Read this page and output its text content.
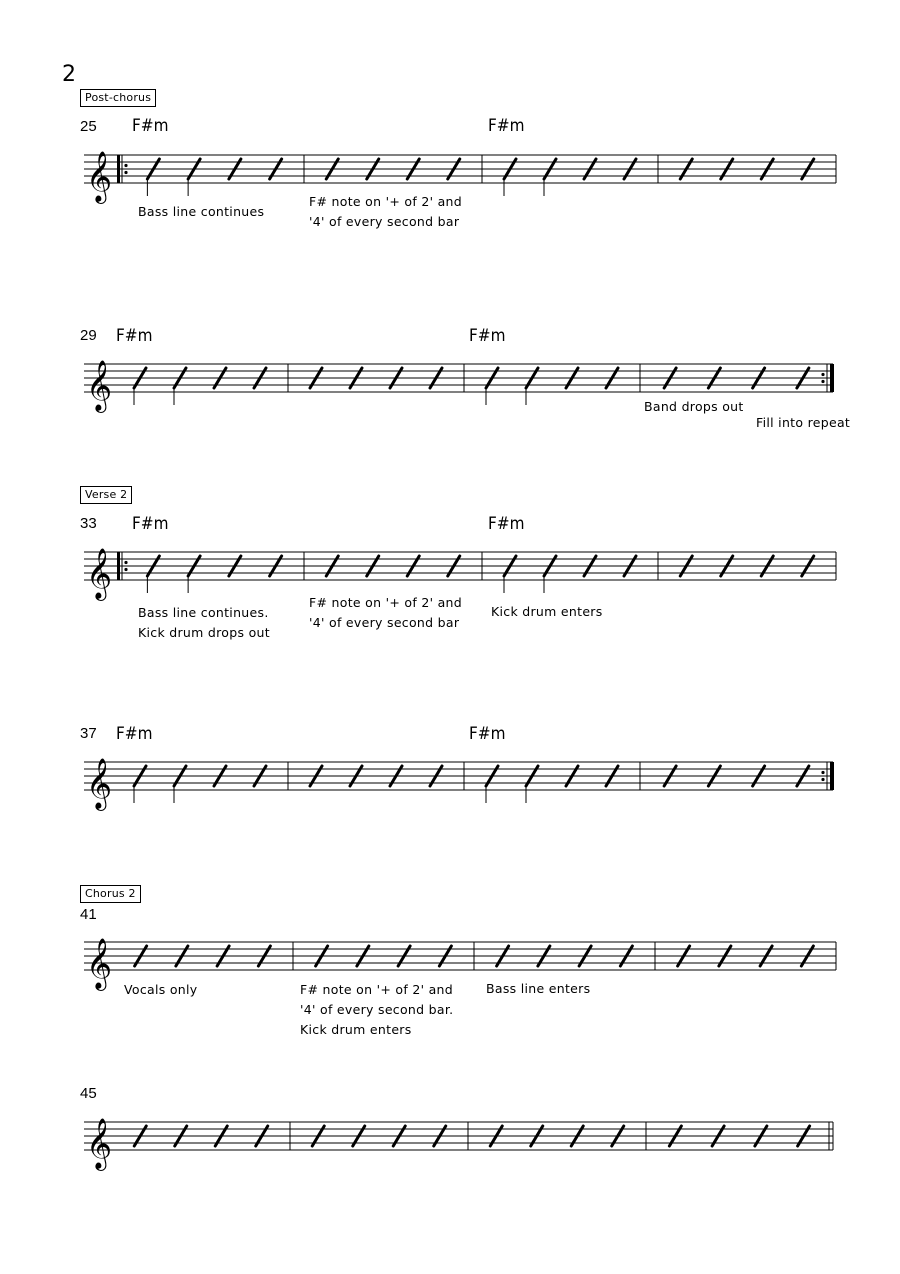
2
Post-chorus
25 F#m	F#m
𝄞
Bass line continues
F# note on '+ of 2' and
'4' of every second bar
29 F#m	F#m
𝄞	Band drops out
Fill into repeat
Verse 2
33 F#m	F#m
𝄞
Bass line continues.
Kick drum drops out
F# note on '+ of 2' and
'4' of every second bar
Kick drum enters
37 F#m	F#m
𝄞
Chorus 2
41
𝄞
Vocals only	F# note on '+ of 2' and
'4' of every second bar.
Kick drum enters
Bass line enters
45
𝄞
